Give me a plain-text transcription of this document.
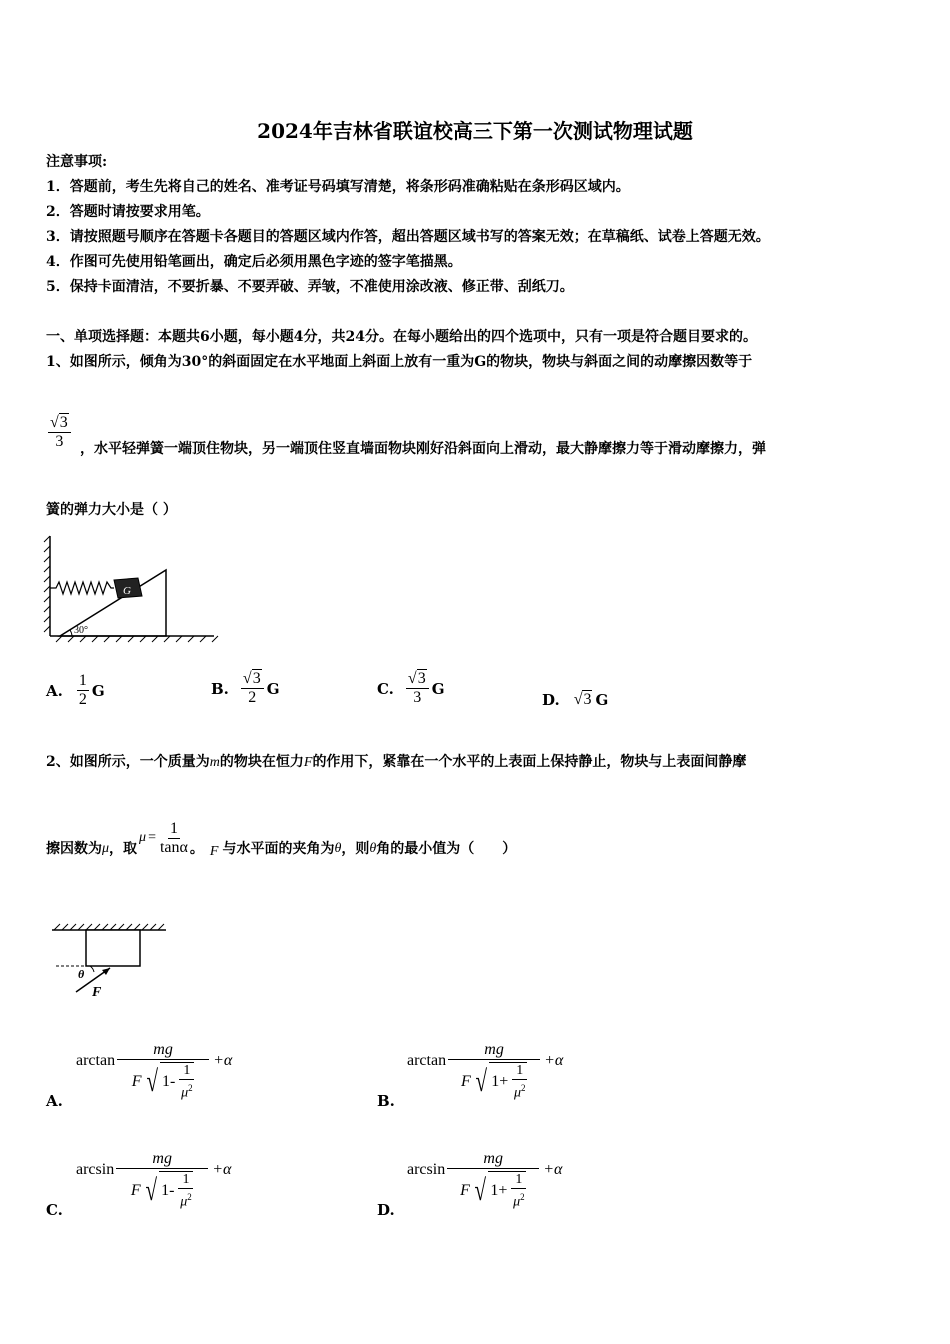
2024年吉林省联谊校高三下第一次测试物理试题
注意事项:
1．答题前，考生先将自己的姓名、准考证号码填写清楚，将条形码准确粘贴在条形码区域内。
2．答题时请按要求用笔。
3．请按照题号顺序在答题卡各题目的答题区域内作答，超出答题区域书写的答案无效；在草稿纸、试卷上答题无效。
4．作图可先使用铅笔画出，确定后必须用黑色字迹的签字笔描黑。
5．保持卡面清洁，不要折暴、不要弄破、弄皱，不准使用涂改液、修正带、刮纸刀。
一、单项选择题：本题共6小题，每小题4分，共24分。在每小题给出的四个选项中，只有一项是符合题目要求的。
1、如图所示，倾角为30°的斜面固定在水平地面上斜面上放有一重为G的物块，物块与斜面之间的动摩擦因数等于
$\frac{√3}{3}$ ，水平轻弹簧一端顶住物块，另一端顶住竖直墙面物块刚好沿斜面向上滑动，最大静摩擦力等于滑动摩擦力，弹
簧的弹力大小是（ ）
G
30°
A. $\frac{1}{2}$ G	B. $\frac{√3}{2}$ G	C. $\frac{√3}{3}$ G
D. √3 G
2、如图所示，一个质量为m的物块在恒力F的作用下，紧靠在一个水平的上表面上保持静止，物块与上表面间静摩
擦因数为 μ ，取
$\mu = \frac{1}{\tan\alpha}$ 。 F 与水平面的夹角为 θ ，则 θ 角的最小值为（　　）
θ
F
A.
arctan
mg
F √ 1-
1
$\mu^2$
+α
B.
arctan
mg
F √ $1+ \frac{1}{\mu^2}$
+α
C.
arcsin
mg
F √ 1-
1
$\mu^2$
+α
D.
arcsin
mg
F √ $1+ \frac{1}{\mu^2}$
+α
